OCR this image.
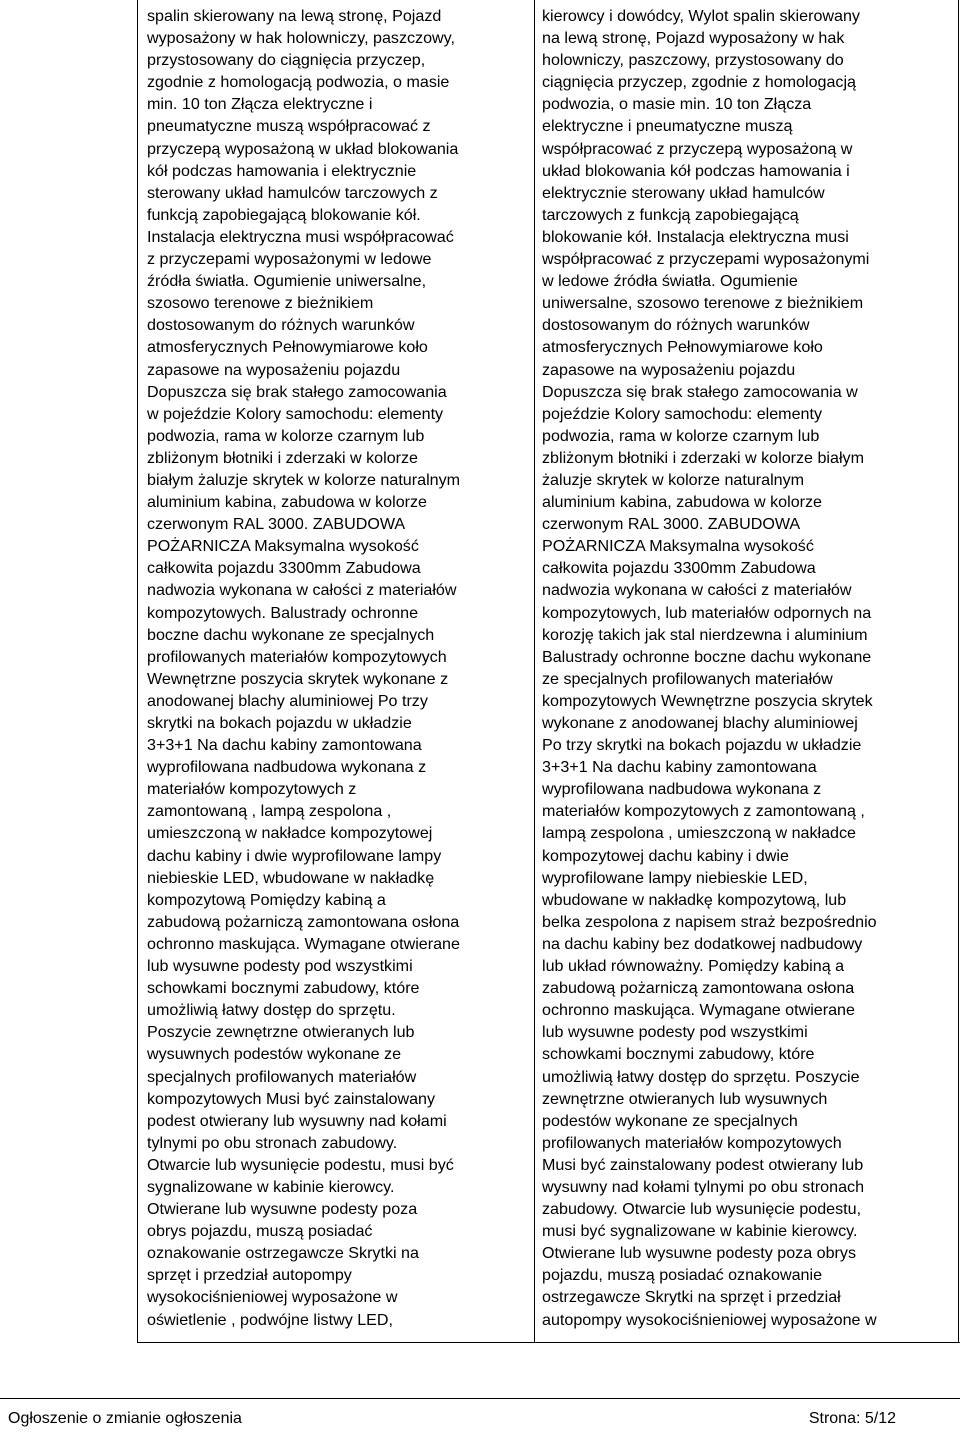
spalin skierowany na lewą stronę, Pojazd
wyposażony w hak holowniczy, paszczowy,
przystosowany do ciągnięcia przyczep,
zgodnie z homologacją podwozia, o masie
min. 10 ton Złącza elektryczne i
pneumatyczne muszą współpracować z
przyczepą wyposażoną w układ blokowania
kół podczas hamowania i elektrycznie
sterowany układ hamulców tarczowych z
funkcją zapobiegającą blokowanie kół.
Instalacja elektryczna musi współpracować
z przyczepami wyposażonymi w ledowe
źródła światła. Ogumienie uniwersalne,
szosowo terenowe z bieżnikiem
dostosowanym do różnych warunków
atmosferycznych Pełnowymiarowe koło
zapasowe na wyposażeniu pojazdu
Dopuszcza się brak stałego zamocowania
w pojeździe Kolory samochodu: elementy
podwozia, rama w kolorze czarnym lub
zbliżonym błotniki i zderzaki w kolorze
białym żaluzje skrytek w kolorze naturalnym
aluminium kabina, zabudowa w kolorze
czerwonym RAL 3000. ZABUDOWA
POŻARNICZA Maksymalna wysokość
całkowita pojazdu 3300mm Zabudowa
nadwozia wykonana w całości z materiałów
kompozytowych. Balustrady ochronne
boczne dachu wykonane ze specjalnych
profilowanych materiałów kompozytowych
Wewnętrzne poszycia skrytek wykonane z
anodowanej blachy aluminiowej Po trzy
skrytki na bokach pojazdu w układzie
3+3+1 Na dachu kabiny zamontowana
wyprofilowana nadbudowa wykonana z
materiałów kompozytowych z
zamontowaną , lampą zespolona ,
umieszczoną w nakładce kompozytowej
dachu kabiny i dwie wyprofilowane lampy
niebieskie LED, wbudowane w nakładkę
kompozytową Pomiędzy kabiną a
zabudową pożarniczą zamontowana osłona
ochronno maskująca. Wymagane otwierane
lub wysuwne podesty pod wszystkimi
schowkami bocznymi zabudowy, które
umożliwią łatwy dostęp do sprzętu.
Poszycie zewnętrzne otwieranych lub
wysuwnych podestów wykonane ze
specjalnych profilowanych materiałów
kompozytowych Musi być zainstalowany
podest otwierany lub wysuwny nad kołami
tylnymi po obu stronach zabudowy.
Otwarcie lub wysunięcie podestu, musi być
sygnalizowane w kabinie kierowcy.
Otwierane lub wysuwne podesty poza
obrys pojazdu, muszą posiadać
oznakowanie ostrzegawcze Skrytki na
sprzęt i przedział autopompy
wysokociśnieniowej wyposażone w
oświetlenie , podwójne listwy LED,
kierowcy i dowódcy, Wylot spalin skierowany
na lewą stronę, Pojazd wyposażony w hak
holowniczy, paszczowy, przystosowany do
ciągnięcia przyczep, zgodnie z homologacją
podwozia, o masie min. 10 ton Złącza
elektryczne i pneumatyczne muszą
współpracować z przyczepą wyposażoną w
układ blokowania kół podczas hamowania i
elektrycznie sterowany układ hamulców
tarczowych z funkcją zapobiegającą
blokowanie kół. Instalacja elektryczna musi
współpracować z przyczepami wyposażonymi
w ledowe źródła światła. Ogumienie
uniwersalne, szosowo terenowe z bieżnikiem
dostosowanym do różnych warunków
atmosferycznych Pełnowymiarowe koło
zapasowe na wyposażeniu pojazdu
Dopuszcza się brak stałego zamocowania w
pojeździe Kolory samochodu: elementy
podwozia, rama w kolorze czarnym lub
zbliżonym błotniki i zderzaki w kolorze białym
żaluzje skrytek w kolorze naturalnym
aluminium kabina, zabudowa w kolorze
czerwonym RAL 3000. ZABUDOWA
POŻARNICZA Maksymalna wysokość
całkowita pojazdu 3300mm Zabudowa
nadwozia wykonana w całości z materiałów
kompozytowych, lub materiałów odpornych na
korozję takich jak stal nierdzewna i aluminium
Balustrady ochronne boczne dachu wykonane
ze specjalnych profilowanych materiałów
kompozytowych Wewnętrzne poszycia skrytek
wykonane z anodowanej blachy aluminiowej
Po trzy skrytki na bokach pojazdu w układzie
3+3+1 Na dachu kabiny zamontowana
wyprofilowana nadbudowa wykonana z
materiałów kompozytowych z zamontowaną ,
lampą zespolona , umieszczoną w nakładce
kompozytowej dachu kabiny i dwie
wyprofilowane lampy niebieskie LED,
wbudowane w nakładkę kompozytową, lub
belka zespolona z napisem straż bezpośrednio
na dachu kabiny bez dodatkowej nadbudowy
lub układ równoważny. Pomiędzy kabiną a
zabudową pożarniczą zamontowana osłona
ochronno maskująca. Wymagane otwierane
lub wysuwne podesty pod wszystkimi
schowkami bocznymi zabudowy, które
umożliwią łatwy dostęp do sprzętu. Poszycie
zewnętrzne otwieranych lub wysuwnych
podestów wykonane ze specjalnych
profilowanych materiałów kompozytowych
Musi być zainstalowany podest otwierany lub
wysuwny nad kołami tylnymi po obu stronach
zabudowy. Otwarcie lub wysunięcie podestu,
musi być sygnalizowane w kabinie kierowcy.
Otwierane lub wysuwne podesty poza obrys
pojazdu, muszą posiadać oznakowanie
ostrzegawcze Skrytki na sprzęt i przedział
autopompy wysokociśnieniowej wyposażone w
Ogłoszenie o zmianie ogłoszenia	Strona: 5/12
